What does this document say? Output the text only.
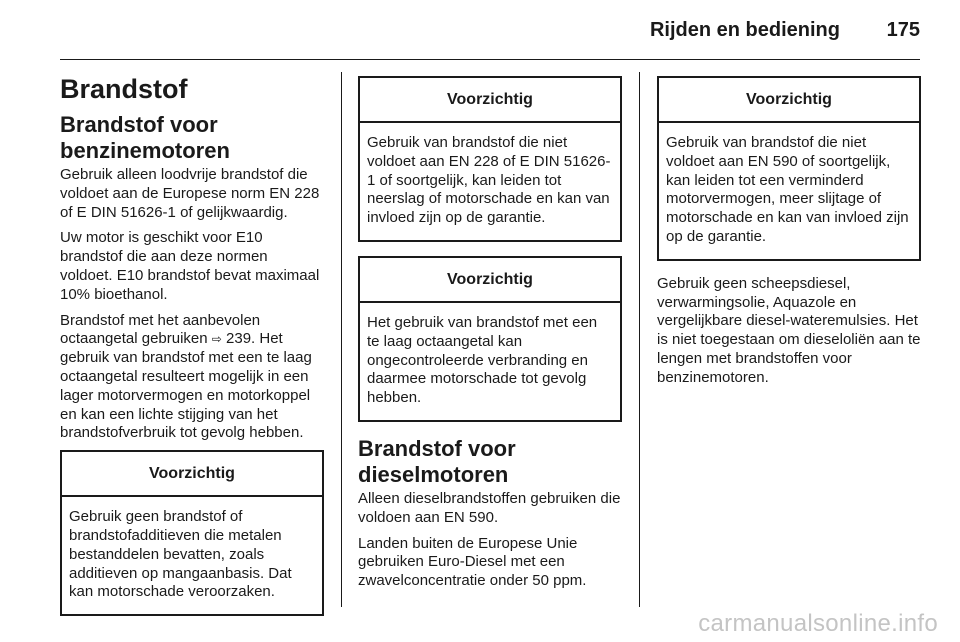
Rijden en bediening	175
Brandstof
Brandstof voor benzinemotoren

Gebruik alleen loodvrije brandstof die voldoet aan de Europese norm EN 228 of E DIN 51626-1 of gelijkwaardig.

Uw motor is geschikt voor E10 brandstof die aan deze normen voldoet. E10 brandstof bevat maximaal 10% bioethanol.

Brandstof met het aanbevolen octaangetal gebruiken ⇨ 239. Het gebruik van brandstof met een te laag octaangetal resulteert mogelijk in een lager motorvermogen en motorkoppel en kan een lichte stijging van het brandstofverbruik tot gevolg hebben.

Voorzichtig
Gebruik geen brandstof of brandstofadditieven die metalen bestanddelen bevatten, zoals additieven op mangaanbasis. Dat kan motorschade veroorzaken.
Voorzichtig
Gebruik van brandstof die niet voldoet aan EN 228 of E DIN 51626-1 of soortgelijk, kan leiden tot neerslag of motorschade en kan van invloed zijn op de garantie.
Voorzichtig
Het gebruik van brandstof met een te laag octaangetal kan ongecontroleerde verbranding en daarmee motorschade tot gevolg hebben.
Brandstof voor dieselmotoren

Alleen dieselbrandstoffen gebruiken die voldoen aan EN 590.

Landen buiten de Europese Unie gebruiken Euro-Diesel met een zwavelconcentratie onder 50 ppm.

Voorzichtig
Gebruik van brandstof die niet voldoet aan EN 590 of soortgelijk, kan leiden tot een verminderd motorvermogen, meer slijtage of motorschade en kan van invloed zijn op de garantie.

Gebruik geen scheepsdiesel, verwarmingsolie, Aquazole en vergelijkbare diesel-wateremulsies. Het is niet toegestaan om dieseloliën aan te lengen met brandstoffen voor benzinemotoren.

carmanualsonline.info
